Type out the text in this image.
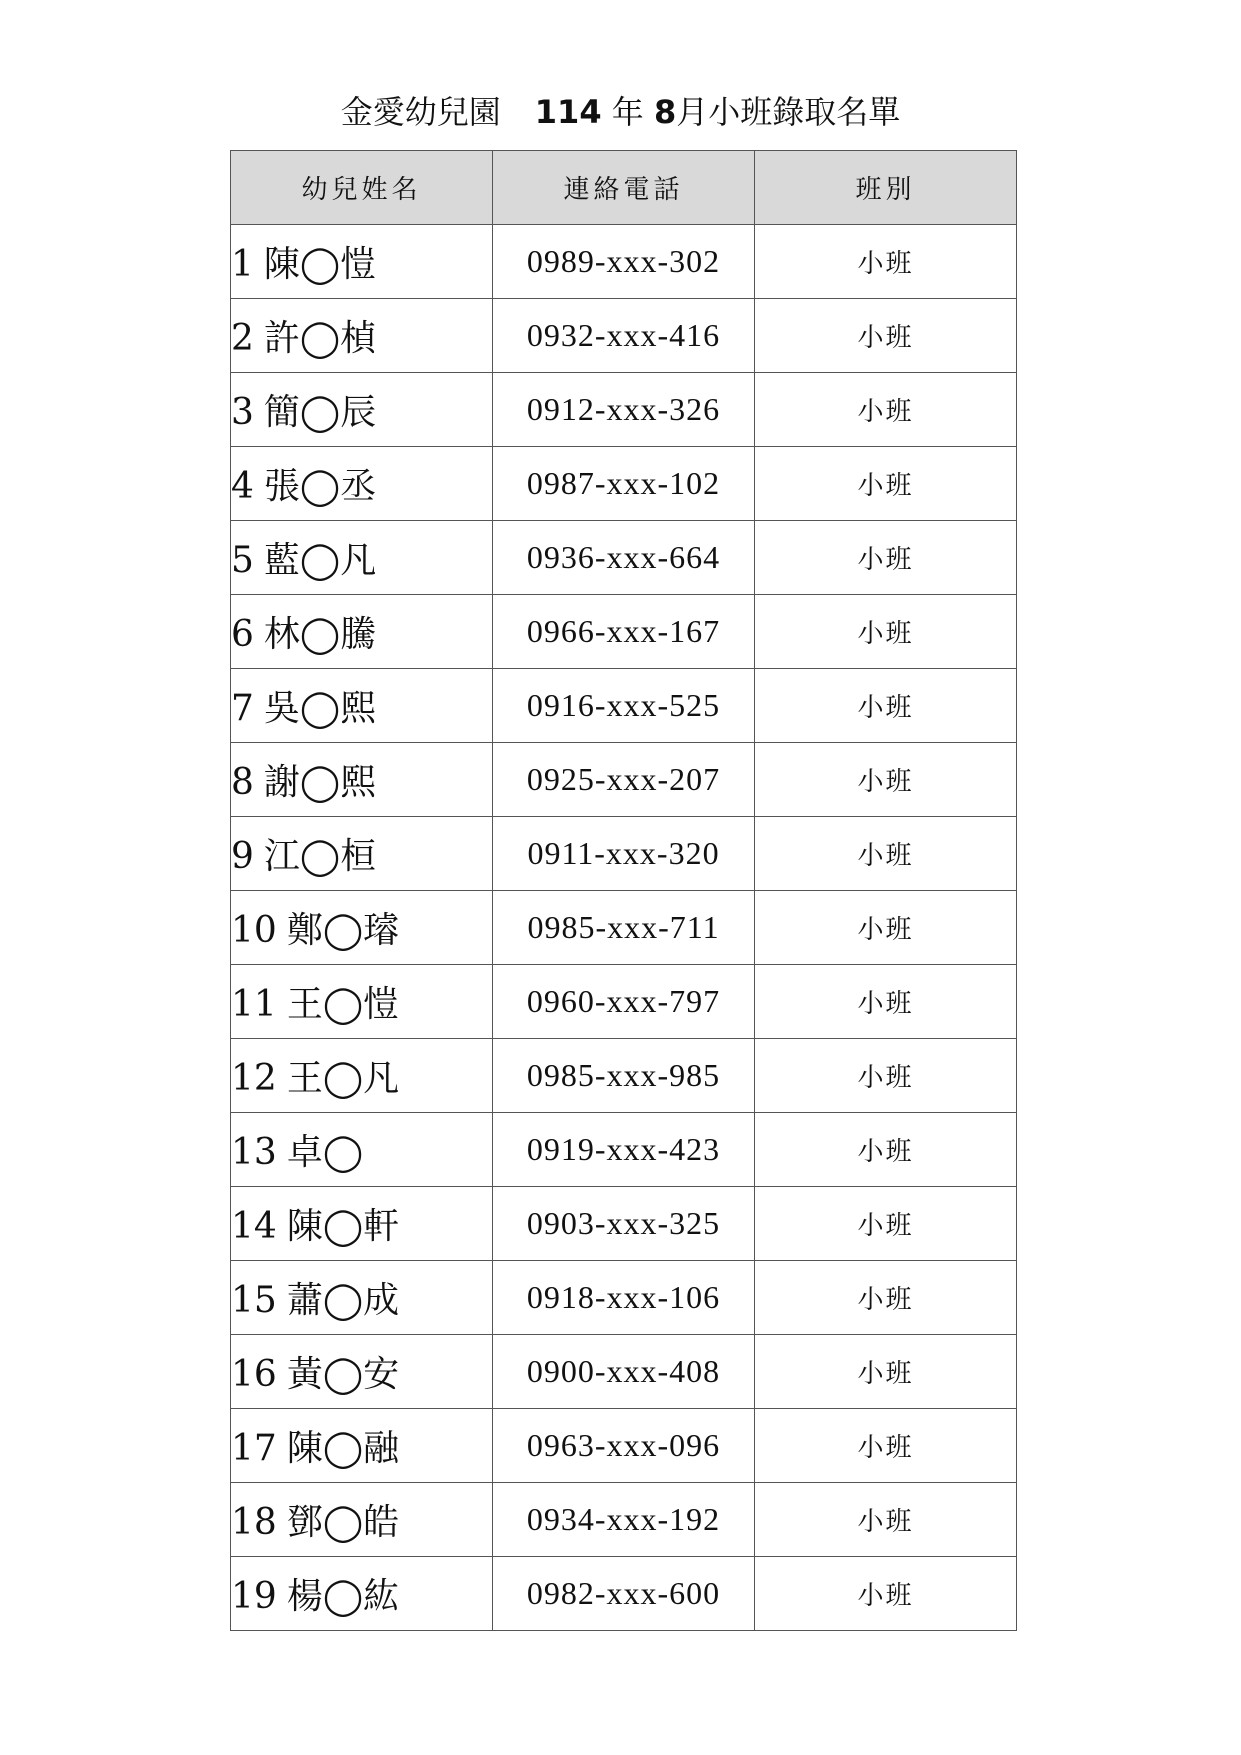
金愛幼兒園 114 年 8月小班錄取名單
幼兒姓名	連絡電話	班別
1 陳◯愷	0989-xxx-302	小班
2 許◯楨	0932-xxx-416	小班
3 簡◯辰	0912-xxx-326	小班
4 張◯丞	0987-xxx-102	小班
5 藍◯凡	0936-xxx-664	小班
6 林◯騰	0966-xxx-167	小班
7 吳◯熙	0916-xxx-525	小班
8 謝◯熙	0925-xxx-207	小班
9 江◯桓	0911-xxx-320	小班
10 鄭◯璿	0985-xxx-711	小班
11 王◯愷	0960-xxx-797	小班
12 王◯凡	0985-xxx-985	小班
13 卓◯	0919-xxx-423	小班
14 陳◯軒	0903-xxx-325	小班
15 蕭◯成	0918-xxx-106	小班
16 黃◯安	0900-xxx-408	小班
17 陳◯融	0963-xxx-096	小班
18 鄧◯皓	0934-xxx-192	小班
19 楊◯紘	0982-xxx-600	小班
